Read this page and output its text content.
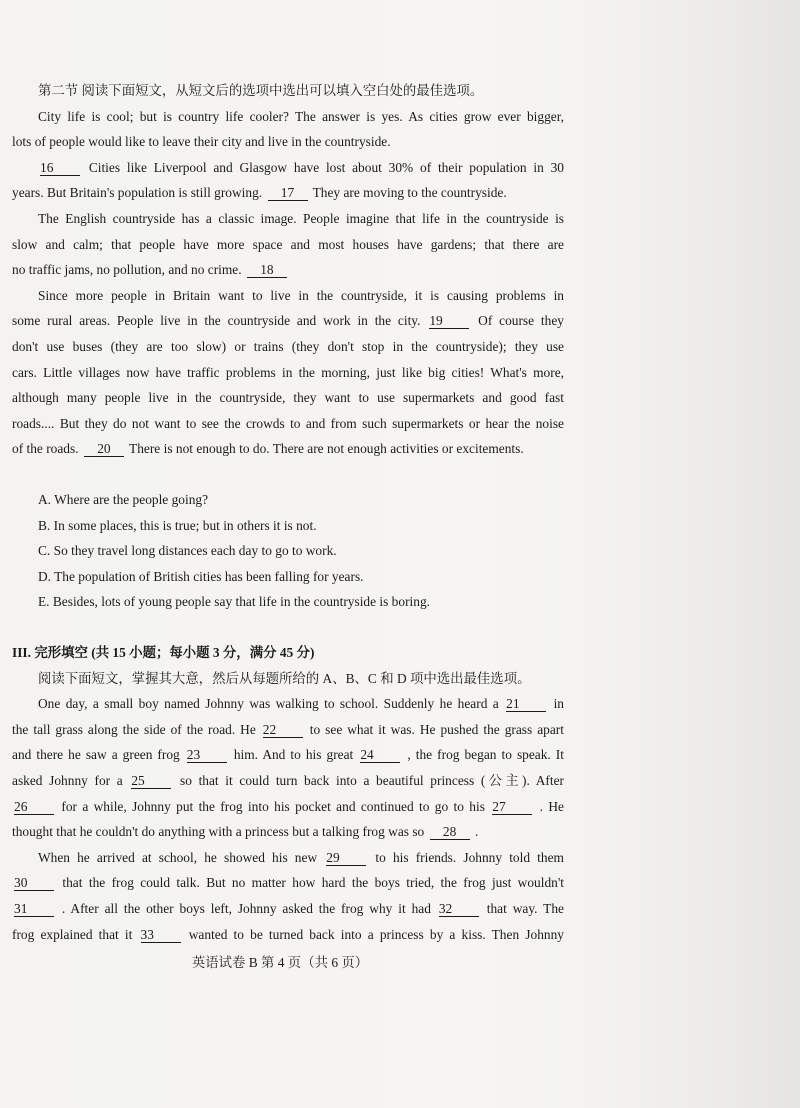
第二节 阅读下面短文，从短文后的选项中选出可以填入空白处的最佳选项。
City life is cool; but is country life cooler? The answer is yes. As cities grow ever bigger,
lots of people would like to leave their city and live in the countryside.
16	Cities like Liverpool and Glasgow have lost about 30% of their population in 30
years. But Britain's population is still growing. 17 They are moving to the countryside.
The English countryside has a classic image. People imagine that life in the countryside is
slow and calm; that people have more space and most houses have gardens; that there are
no traffic jams, no pollution, and no crime. 18
Since more people in Britain want to live in the countryside, it is causing problems in
some rural areas. People live in the countryside and work in the city. 19	Of course they
don't use buses (they are too slow) or trains (they don't stop in the countryside); they use
cars. Little villages now have traffic problems in the morning, just like big cities! What's more,
although many people live in the countryside, they want to use supermarkets and good fast
roads.... But they do not want to see the crowds to and from such supermarkets or hear the noise
of the roads. 20 There is not enough to do. There are not enough activities or excitements.
A. Where are the people going?
B. In some places, this is true; but in others it is not.
C. So they travel long distances each day to go to work.
D. The population of British cities has been falling for years.
E. Besides, lots of young people say that life in the countryside is boring.
III. 完形填空 (共 15 小题；每小题 3 分，满分 45 分)
阅读下面短文，掌握其大意，然后从每题所给的 A、B、C 和 D 项中选出最佳选项。
One day, a small boy named Johnny was walking to school. Suddenly he heard a 21	in
the tall grass along the side of the road. He 22	to see what it was. He pushed the grass apart
and there he saw a green frog 23	him. And to his great 24	, the frog began to speak. It
asked Johnny for a 25	so that it could turn back into a beautiful princess (公主). After
26	for a while, Johnny put the frog into his pocket and continued to go to his 27	. He
thought that he couldn't do anything with a princess but a talking frog was so 28 .
When he arrived at school, he showed his new 29	to his friends. Johnny told them
30	that the frog could talk. But no matter how hard the boys tried, the frog just wouldn't
31	. After all the other boys left, Johnny asked the frog why it had 32	that way. The
frog explained that it 33	wanted to be turned back into a princess by a kiss. Then Johnny
英语试卷 B 第 4 页（共 6 页）
